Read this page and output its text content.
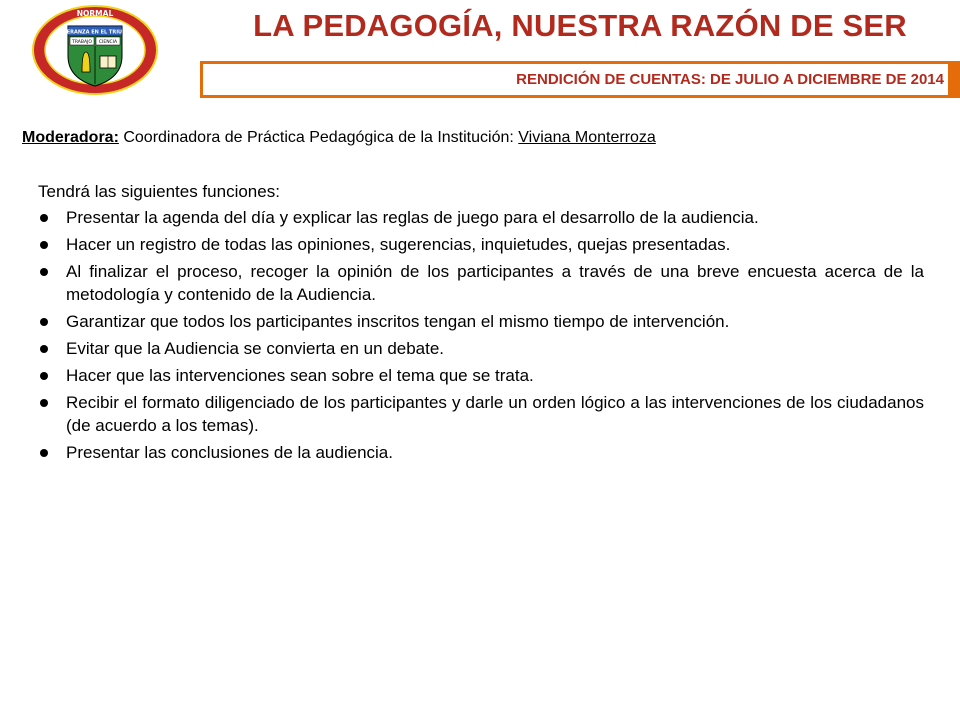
ESPERANZA EN EL TRIUNFO
TRABAJO CIENCIA
NORMAL	LA PEDAGOGÍA, NUESTRA RAZÓN DE SER
RENDICIÓN DE CUENTAS: DE JULIO A DICIEMBRE DE 2014
Moderadora: Coordinadora de Práctica Pedagógica de la Institución: Viviana Monterroza
Tendrá las siguientes funciones:
Presentar la agenda del día y explicar las reglas de juego para el desarrollo de la audiencia.
Hacer un registro de todas las opiniones, sugerencias, inquietudes, quejas presentadas.
Al finalizar el proceso, recoger la opinión de los participantes a través de una breve encuesta acerca de la metodología y contenido de la Audiencia.
Garantizar que todos los participantes inscritos tengan el mismo tiempo de intervención.
Evitar que la Audiencia se convierta en un debate.
Hacer que las intervenciones sean sobre el tema que se trata.
Recibir el formato diligenciado de los participantes y darle un orden lógico a las intervenciones de los ciudadanos (de acuerdo a los temas).
Presentar las conclusiones de la audiencia.
